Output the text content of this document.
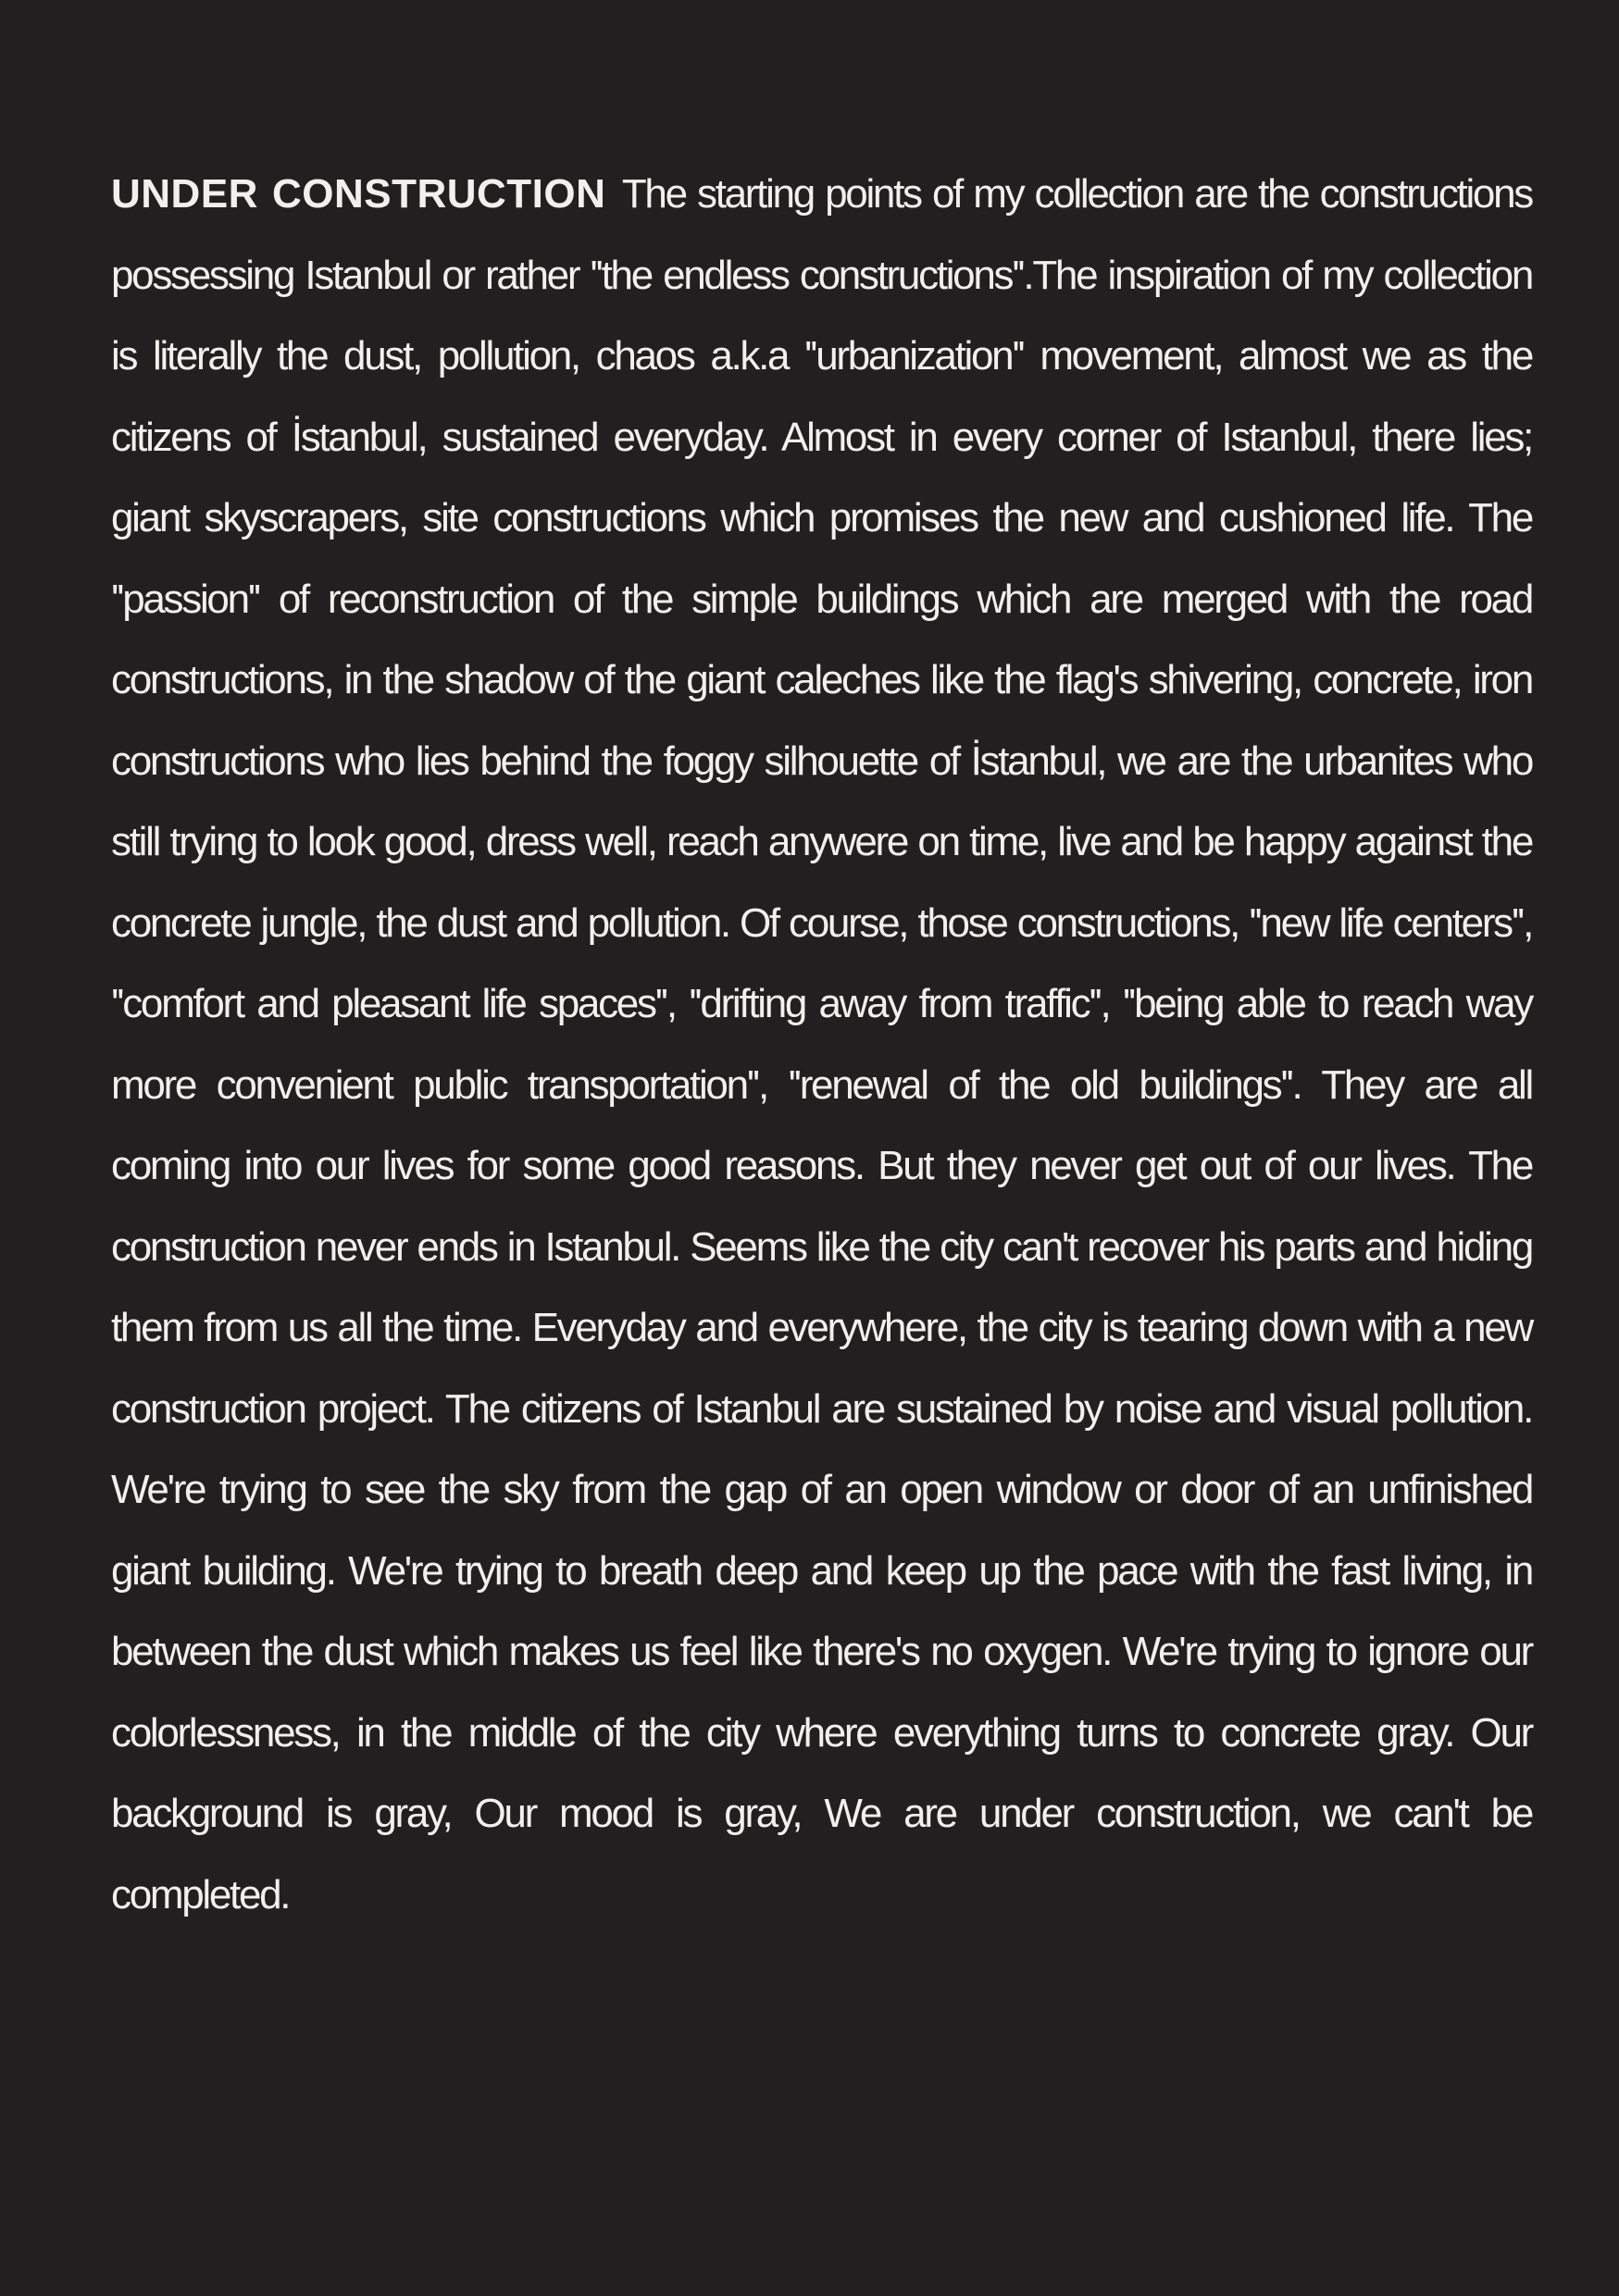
UNDER CONSTRUCTION The starting points of my collection are the constructions possessing Istanbul or rather ''the endless constructions''.The inspiration of my collection is literally the dust, pollution, chaos a.k.a ''urbanization'' movement, almost we as the citizens of İstanbul, sustained everyday. Almost in every corner of Istanbul, there lies; giant skyscrapers, site constructions which promises the new and cushioned life. The ''passion'' of reconstruction of the simple buildings which are merged with the road constructions, in the shadow of the giant caleches like the flag's shivering, concrete, iron constructions who lies behind the foggy silhouette of İstanbul, we are the urbanites who still trying to look good, dress well, reach anywere on time, live and be happy against the concrete jungle, the dust and pollution. Of course, those constructions, ''new life centers'', ''comfort and pleasant life spaces'', ''drifting away from traffic'', ''being able to reach way more convenient public transportation'', ''renewal of the old buildings''. They are all coming into our lives for some good reasons. But they never get out of our lives. The construction never ends in Istanbul. Seems like the city can't recover his parts and hiding them from us all the time. Everyday and everywhere, the city is tearing down with a new construction project. The citizens of Istanbul are sustained by noise and visual pollution. We're trying to see the sky from the gap of an open window or door of an unfinished giant building. We're trying to breath deep and keep up the pace with the fast living, in between the dust which makes us feel like there's no oxygen. We're trying to ignore our colorlessness, in the middle of the city where everything turns to concrete gray. Our background is gray, Our mood is gray, We are under construction, we can't be completed.
